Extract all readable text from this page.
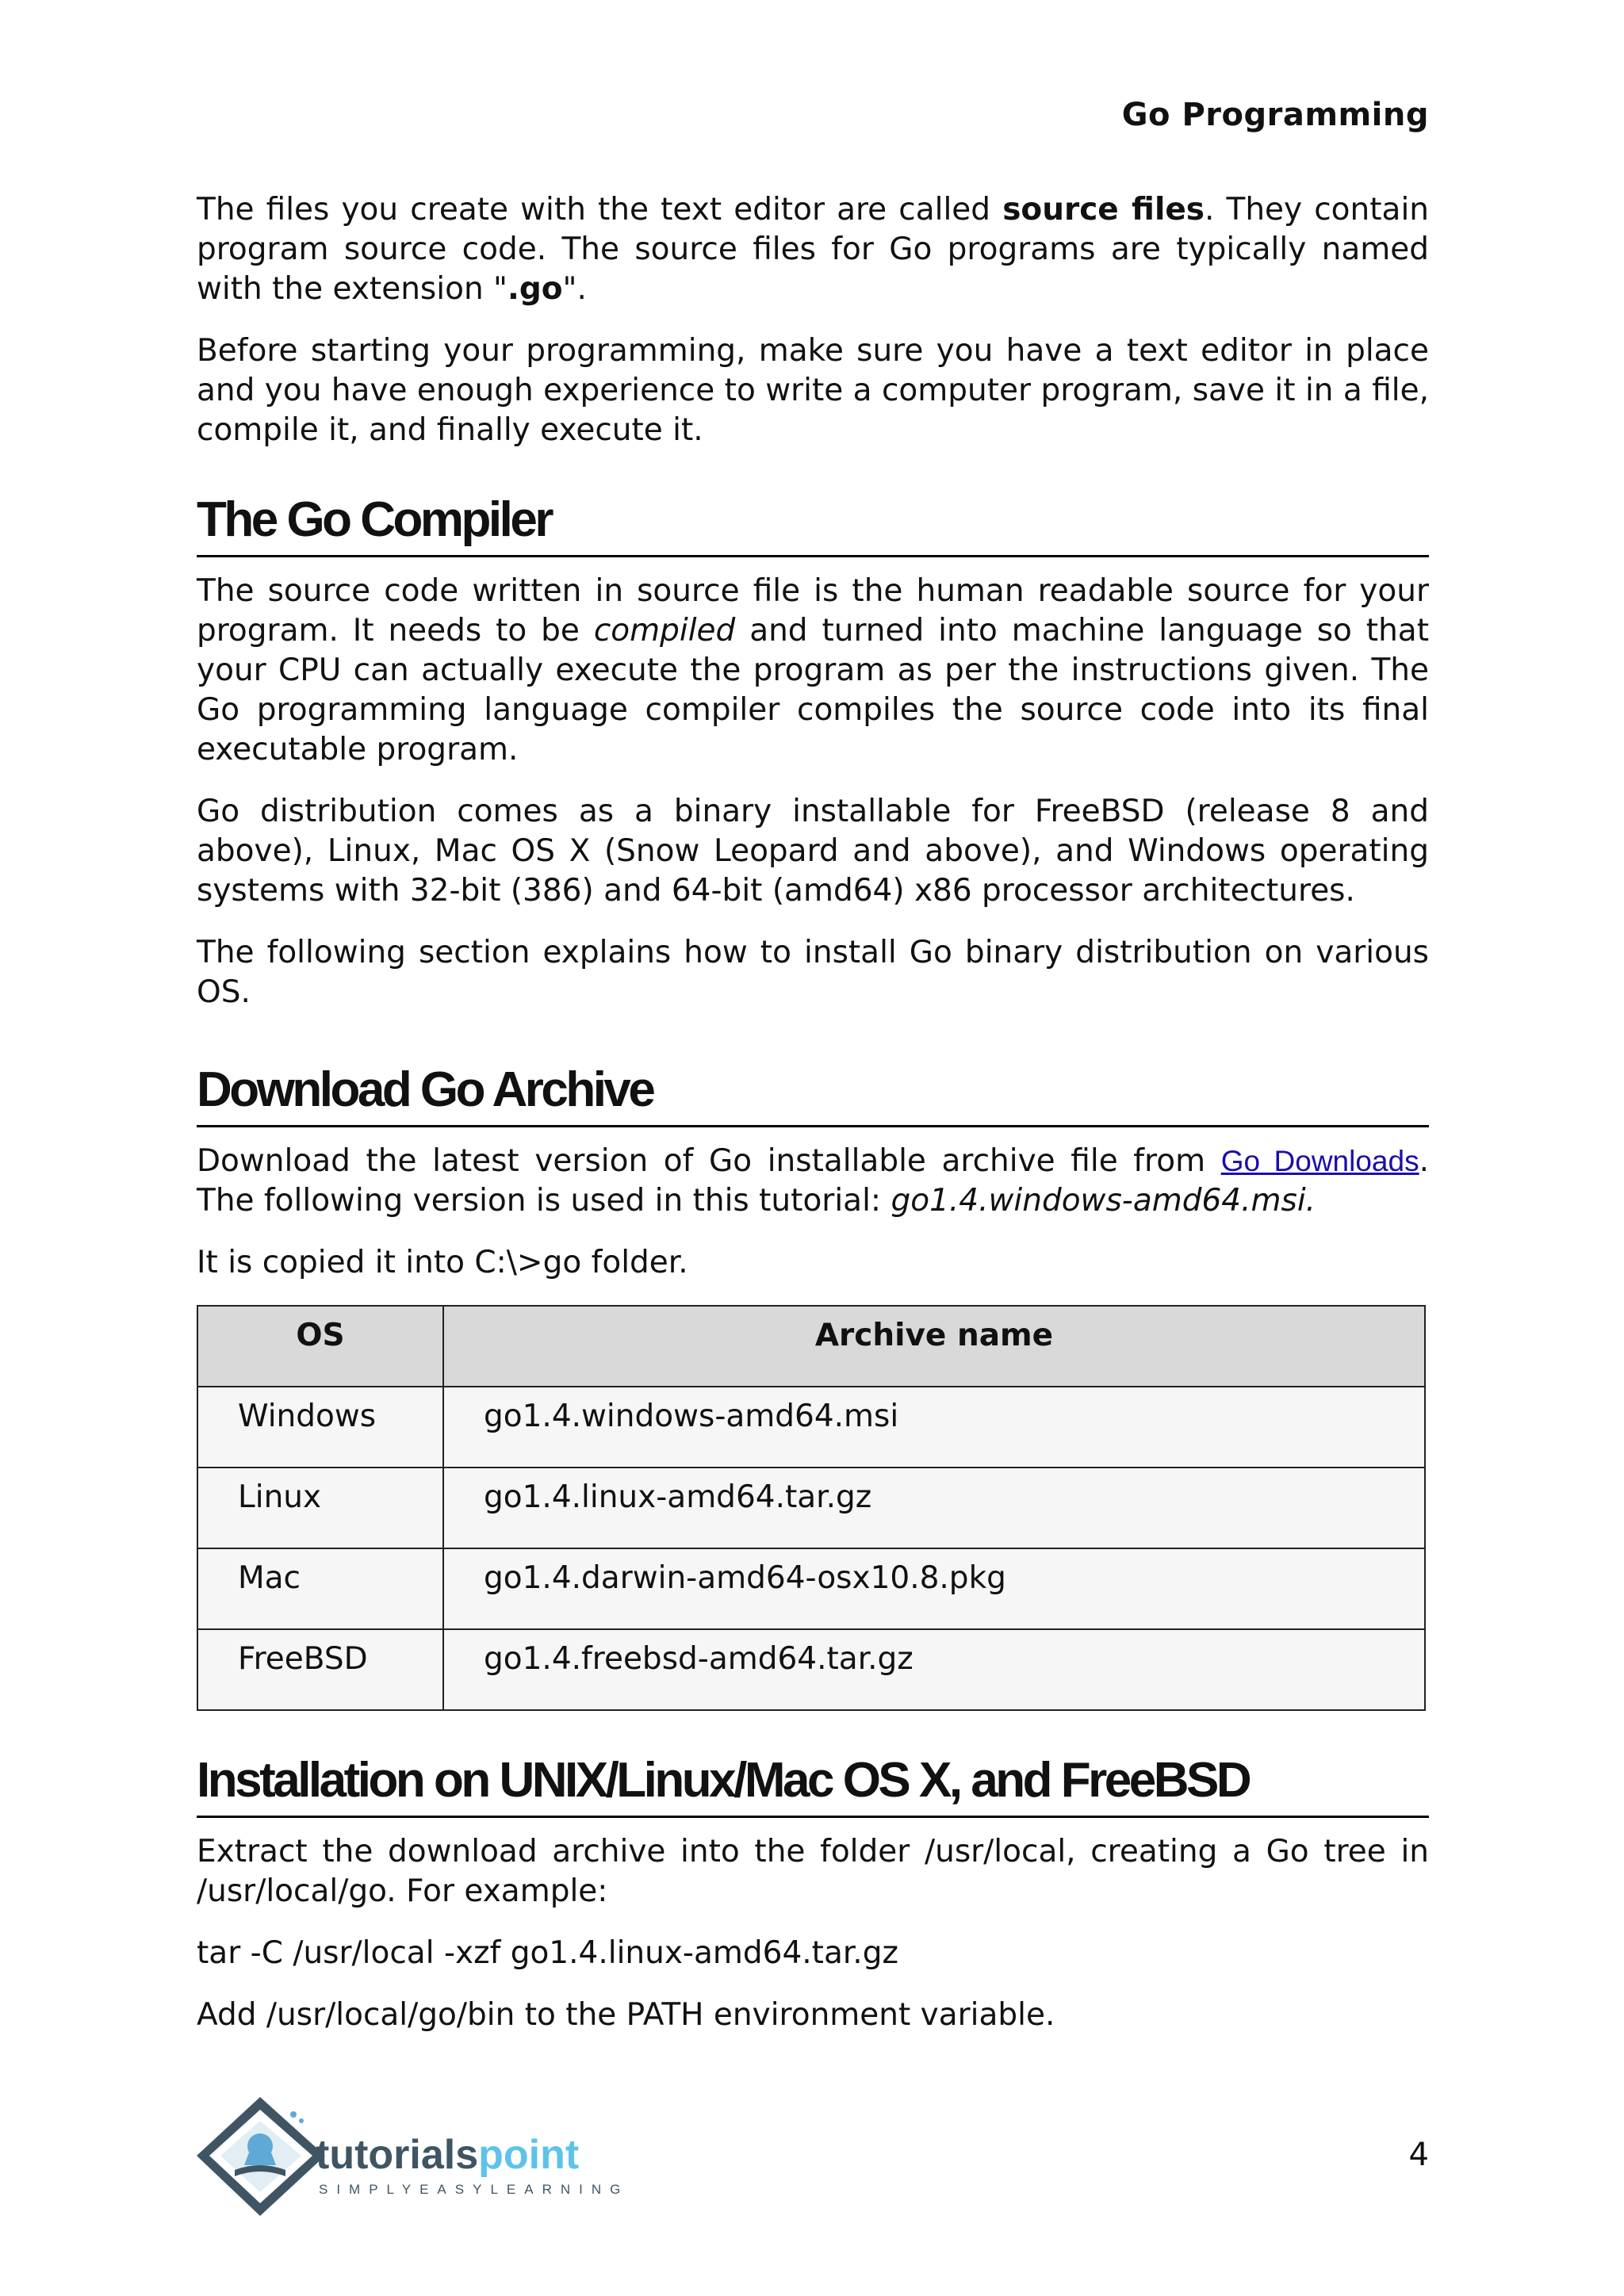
Go Programming

The files you create with the text editor are called source files. They contain program source code. The source files for Go programs are typically named with the extension ".go".

Before starting your programming, make sure you have a text editor in place and you have enough experience to write a computer program, save it in a file, compile it, and finally execute it.

The Go Compiler

The source code written in source file is the human readable source for your program. It needs to be compiled and turned into machine language so that your CPU can actually execute the program as per the instructions given. The Go programming language compiler compiles the source code into its final executable program.

Go distribution comes as a binary installable for FreeBSD (release 8 and above), Linux, Mac OS X (Snow Leopard and above), and Windows operating systems with 32-bit (386) and 64-bit (amd64) x86 processor architectures.

The following section explains how to install Go binary distribution on various OS.

Download Go Archive

Download the latest version of Go installable archive file from Go Downloads. The following version is used in this tutorial: go1.4.windows-amd64.msi.

It is copied it into C:\>go folder.

OS	Archive name
Windows	go1.4.windows-amd64.msi
Linux	go1.4.linux-amd64.tar.gz
Mac	go1.4.darwin-amd64-osx10.8.pkg
FreeBSD	go1.4.freebsd-amd64.tar.gz
Installation on UNIX/Linux/Mac OS X, and FreeBSD

Extract the download archive into the folder /usr/local, creating a Go tree in /usr/local/go. For example:

tar -C /usr/local -xzf go1.4.linux-amd64.tar.gz

Add /usr/local/go/bin to the PATH environment variable.

tutorialspoint
SIMPLYEASYLEARNING
4
